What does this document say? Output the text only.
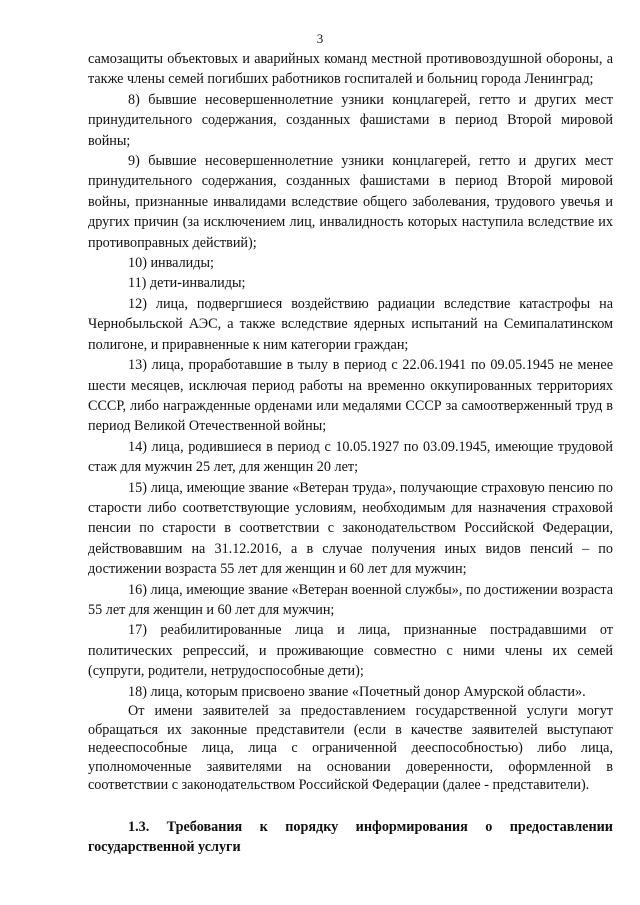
3

самозащиты объектовых и аварийных команд местной противовоздушной обороны, а также члены семей погибших работников госпиталей и больниц города Ленинград;

8) бывшие несовершеннолетние узники концлагерей, гетто и других мест принудительного содержания, созданных фашистами в период Второй мировой войны;

9) бывшие несовершеннолетние узники концлагерей, гетто и других мест принудительного содержания, созданных фашистами в период Второй мировой войны, признанные инвалидами вследствие общего заболевания, трудового увечья и других причин (за исключением лиц, инвалидность которых наступила вследствие их противоправных действий);

10) инвалиды;

11) дети-инвалиды;

12) лица, подвергшиеся воздействию радиации вследствие катастрофы на Чернобыльской АЭС, а также вследствие ядерных испытаний на Семипалатинском полигоне, и приравненные к ним категории граждан;

13) лица, проработавшие в тылу в период с 22.06.1941 по 09.05.1945 не менее шести месяцев, исключая период работы на временно оккупированных территориях СССР, либо награжденные орденами или медалями СССР за самоотверженный труд в период Великой Отечественной войны;

14) лица, родившиеся в период с 10.05.1927 по 03.09.1945, имеющие трудовой стаж для мужчин 25 лет, для женщин 20 лет;

15) лица, имеющие звание «Ветеран труда», получающие страховую пенсию по старости либо соответствующие условиям, необходимым для назначения страховой пенсии по старости в соответствии с законодательством Российской Федерации, действовавшим на 31.12.2016, а в случае получения иных видов пенсий – по достижении возраста 55 лет для женщин и 60 лет для мужчин;

16) лица, имеющие звание «Ветеран военной службы», по достижении возраста 55 лет для женщин и 60 лет для мужчин;

17) реабилитированные лица и лица, признанные пострадавшими от политических репрессий, и проживающие совместно с ними члены их семей (супруги, родители, нетрудоспособные дети);

18) лица, которым присвоено звание «Почетный донор Амурской области».

От имени заявителей за предоставлением государственной услуги могут обращаться их законные представители (если в качестве заявителей выступают недееспособные лица, лица с ограниченной дееспособностью) либо лица, уполномоченные заявителями на основании доверенности, оформленной в соответствии с законодательством Российской Федерации (далее - представители).

1.3. Требования к порядку информирования о предоставлении государственной услуги
